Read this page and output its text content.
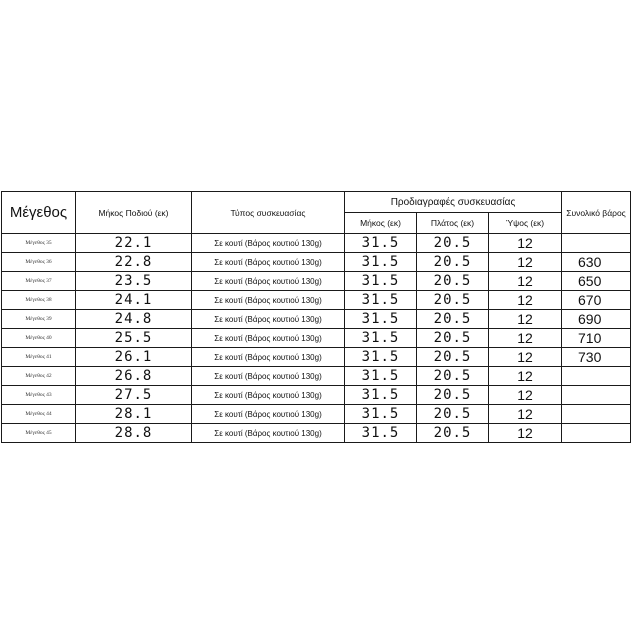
Μέγεθος	Μήκος Ποδιού (εκ)	Τύπος συσκευασίας	Προδιαγραφές συσκευασίας			Συνολικό βάρος
			Μήκος (εκ)	Πλάτος (εκ)	Ύψος (εκ)	
Μέγεθος 35	22.1	Σε κουτί (Βάρος κουτιού 130g)	31.5	20.5	12	
Μέγεθος 36	22.8	Σε κουτί (Βάρος κουτιού 130g)	31.5	20.5	12	630
Μέγεθος 37	23.5	Σε κουτί (Βάρος κουτιού 130g)	31.5	20.5	12	650
Μέγεθος 38	24.1	Σε κουτί (Βάρος κουτιού 130g)	31.5	20.5	12	670
Μέγεθος 39	24.8	Σε κουτί (Βάρος κουτιού 130g)	31.5	20.5	12	690
Μέγεθος 40	25.5	Σε κουτί (Βάρος κουτιού 130g)	31.5	20.5	12	710
Μέγεθος 41	26.1	Σε κουτί (Βάρος κουτιού 130g)	31.5	20.5	12	730
Μέγεθος 42	26.8	Σε κουτί (Βάρος κουτιού 130g)	31.5	20.5	12	
Μέγεθος 43	27.5	Σε κουτί (Βάρος κουτιού 130g)	31.5	20.5	12	
Μέγεθος 44	28.1	Σε κουτί (Βάρος κουτιού 130g)	31.5	20.5	12	
Μέγεθος 45	28.8	Σε κουτί (Βάρος κουτιού 130g)	31.5	20.5	12	
